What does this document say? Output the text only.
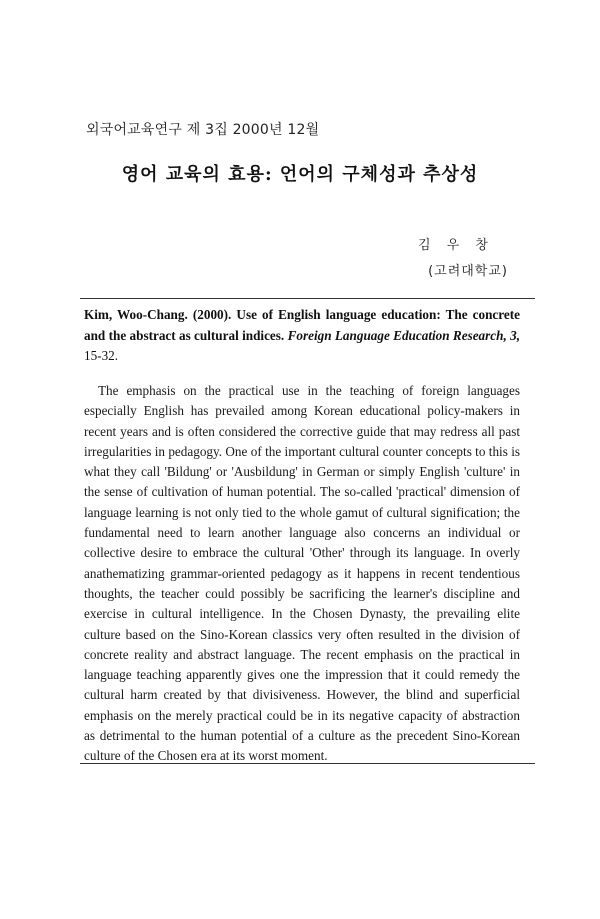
외국어교육연구 제 3집 2000년 12월
영어 교육의 효용: 언어의 구체성과 추상성
김 우 창
(고려대학교)
Kim, Woo-Chang. (2000). Use of English language education: The concrete and the abstract as cultural indices. Foreign Language Education Research, 3, 15-32.

The emphasis on the practical use in the teaching of foreign languages especially English has prevailed among Korean educational policy-makers in recent years and is often considered the corrective guide that may redress all past irregularities in pedagogy. One of the important cultural counter concepts to this is what they call 'Bildung' or 'Ausbildung' in German or simply English 'culture' in the sense of cultivation of human potential. The so-called 'practical' dimension of language learning is not only tied to the whole gamut of cultural signification; the fundamental need to learn another language also concerns an individual or collective desire to embrace the cultural 'Other' through its language. In overly anathematizing grammar-oriented pedagogy as it happens in recent tendentious thoughts, the teacher could possibly be sacrificing the learner's discipline and exercise in cultural intelligence. In the Chosen Dynasty, the prevailing elite culture based on the Sino-Korean classics very often resulted in the division of concrete reality and abstract language. The recent emphasis on the practical in language teaching apparently gives one the impression that it could remedy the cultural harm created by that divisiveness. However, the blind and superficial emphasis on the merely practical could be in its negative capacity of abstraction as detrimental to the human potential of a culture as the precedent Sino-Korean culture of the Chosen era at its worst moment.
